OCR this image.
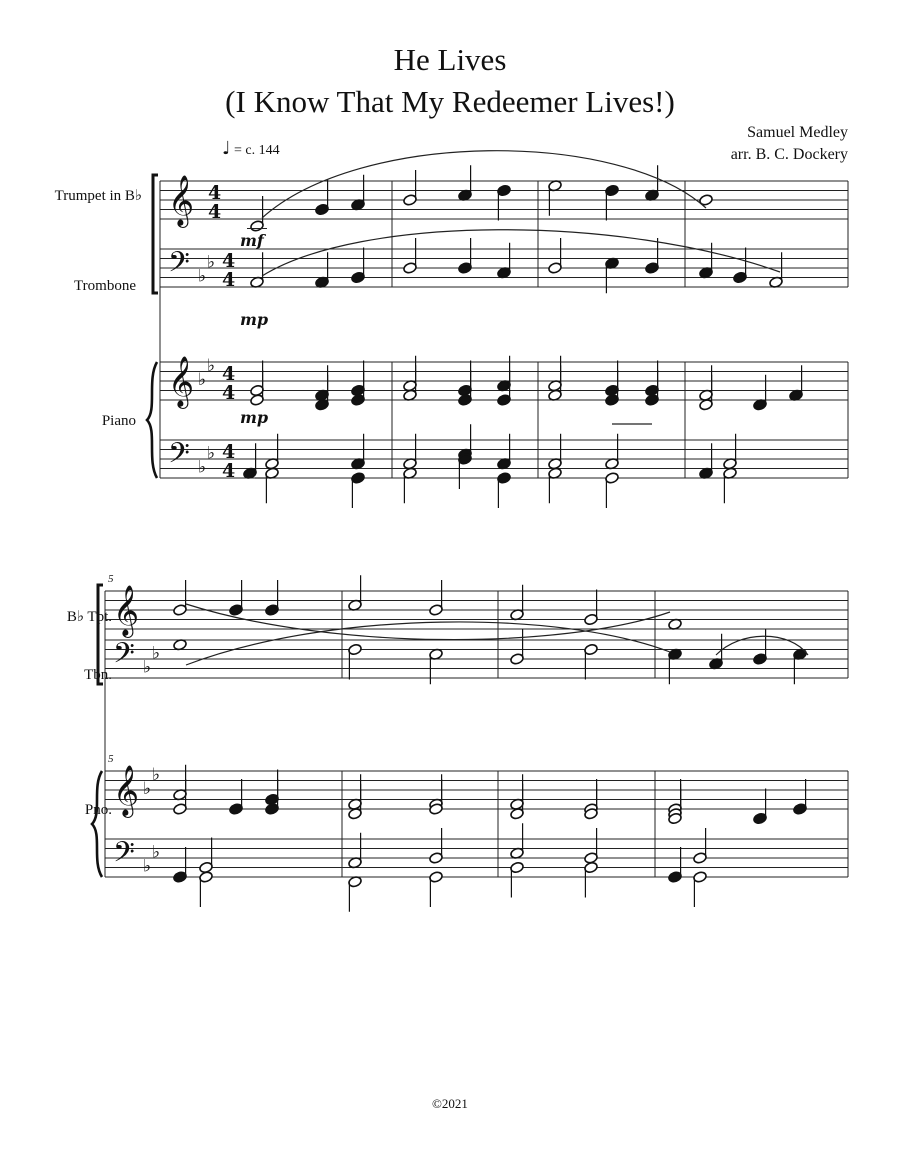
He Lives
(I Know That My Redeemer Lives!)
Samuel Medley
arr. B. C. Dockery
♩ = c. 144
Trumpet in B♭
Trombone
Piano
B♭ Tpt.
Tbn.
Pno.
𝄞
𝄢
𝄞
𝄢
𝄞
𝄢
𝄞
𝄢
♭
♭
♭
♭
♭
♭
♭
♭
♭
♭
♭
♭
4
4
4
4
4
4
4
4
mf
mp
mp
5
5
©2021
